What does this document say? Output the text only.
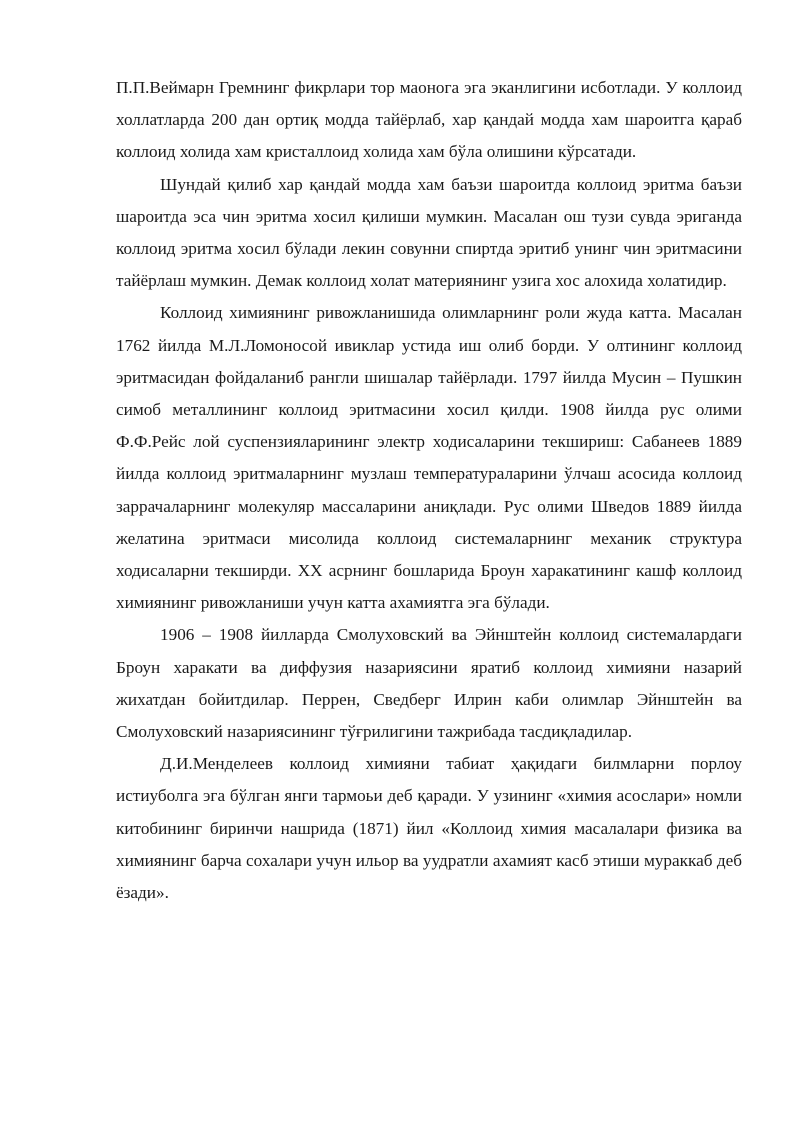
П.П.Веймарн Гремнинг фикрлари тор маонога эга эканлигини исботлади. У коллоид холлатларда 200 дан ортиқ модда тайёрлаб, хар қандай модда хам шароитга қараб коллоид холида хам кристаллоид холида хам бўла олишини кўрсатади.

Шундай қилиб хар қандай модда хам баъзи шароитда коллоид эритма баъзи шароитда эса чин эритма хосил қилиши мумкин. Масалан ош тузи сувда эриганда коллоид эритма хосил бўлади лекин совунни спиртда эритиб унинг чин эритмасини тайёрлаш мумкин. Демак коллоид холат материянинг узига хос алохида холатидир.

Коллоид химиянинг ривожланишида олимларнинг роли жуда катта. Масалан 1762 йилда М.Л.Ломоносой ивиклар устида иш олиб борди. У олтининг коллоид эритмасидан фойдаланиб рангли шишалар тайёрлади. 1797 йилда Мусин – Пушкин симоб металлининг коллоид эритмасини хосил қилди. 1908 йилда рус олими Ф.Ф.Рейс лой суспензияларининг электр ходисаларини текшириш: Сабанеев 1889 йилда коллоид эритмаларнинг музлаш температураларини ўлчаш асосида коллоид заррачаларнинг молекуляр массаларини аниқлади. Рус олими Шведов 1889 йилда желатина эритмаси мисолида коллоид системаларнинг механик структура ходисаларни текширди. ХХ асрнинг бошларида Броун харакатининг кашф коллоид химиянинг ривожланиши учун катта ахамиятга эга бўлади.

1906 – 1908 йилларда Смолуховский ва Эйнштейн коллоид системалардаги Броун харакати ва диффузия назариясини яратиб коллоид химияни назарий жихатдан бойитдилар. Перрен, Сведберг Илрин каби олимлар Эйнштейн ва Смолуховский назариясининг тўғрилигини тажрибада тасдиқладилар.

Д.И.Менделеев коллоид химияни табиат ҳақидаги билмларни порлоу истиуболга эга бўлган янги тармоьи деб қаради. У узининг «химия асослари» номли китобининг биринчи нашрида (1871) йил «Коллоид химия масалалари физика ва химиянинг барча сохалари учун ильор ва уудратли ахамият касб этиши мураккаб деб ёзади».
